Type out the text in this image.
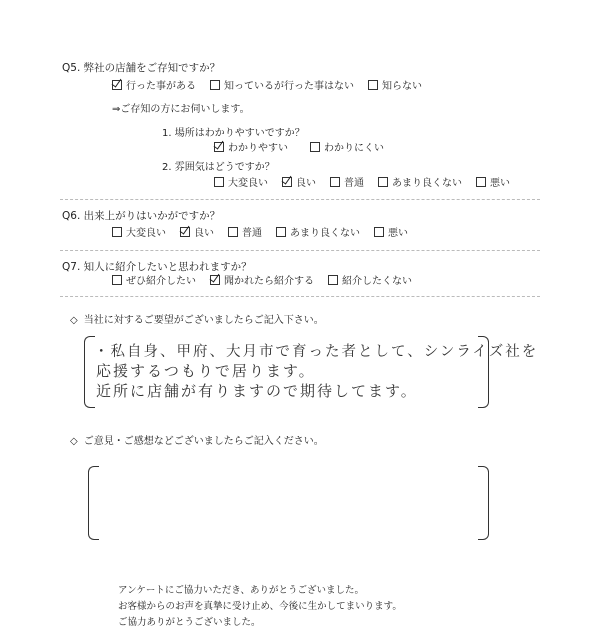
Q5. 弊社の店舗をご存知ですか？
行った事がある	知っているが行った事はない	知らない
⇒ご存知の方にお伺いします。
1. 場所はわかりやすいですか？
わかりやすい	わかりにくい
2. 雰囲気はどうですか？
大変良い	良い	普通	あまり良くない	悪い
Q6. 出来上がりはいかがですか？
大変良い	良い	普通	あまり良くない	悪い
Q7. 知人に紹介したいと思われますか？
ぜひ紹介したい	聞かれたら紹介する	紹介したくない
◇ 当社に対するご要望がございましたらご記入下さい。
・私自身、甲府、大月市で育った者として、シンライズ社を
応援するつもりで居ります。
近所に店舗が有りますので期待してます。
◇ ご意見・ご感想などございましたらご記入ください。
アンケートにご協力いただき、ありがとうございました。
お客様からのお声を真摯に受け止め、今後に生かしてまいります。
ご協力ありがとうございました。
